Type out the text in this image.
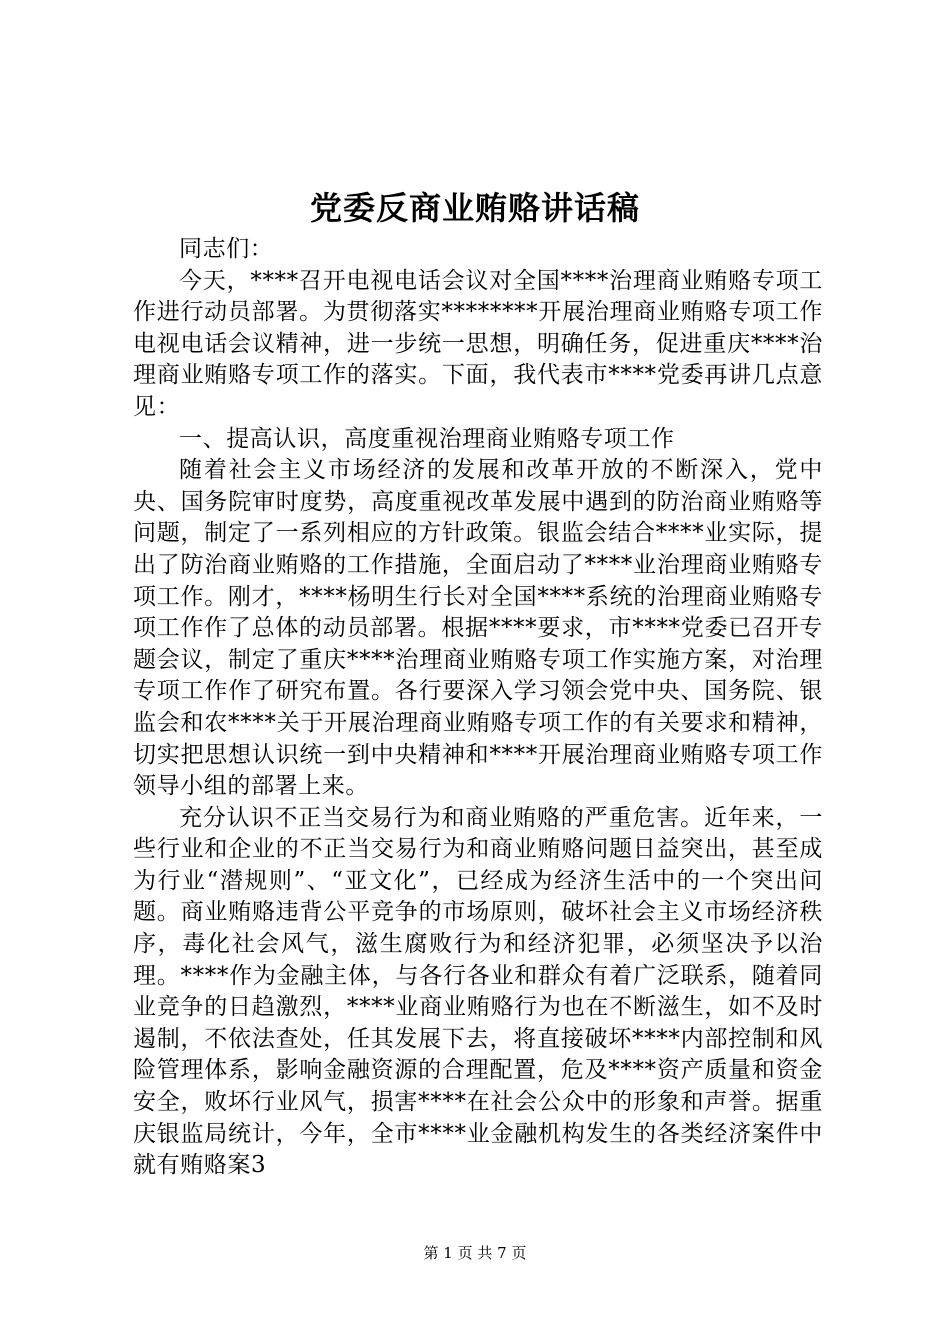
党委反商业贿赂讲话稿

同志们：

今天，****召开电视电话会议对全国****治理商业贿赂专项工作进行动员部署。为贯彻落实********开展治理商业贿赂专项工作电视电话会议精神，进一步统一思想，明确任务，促进重庆****治理商业贿赂专项工作的落实。下面，我代表市****党委再讲几点意见：

一、提高认识，高度重视治理商业贿赂专项工作

随着社会主义市场经济的发展和改革开放的不断深入，党中央、国务院审时度势，高度重视改革发展中遇到的防治商业贿赂等问题，制定了一系列相应的方针政策。银监会结合****业实际，提出了防治商业贿赂的工作措施，全面启动了****业治理商业贿赂专项工作。刚才，****杨明生行长对全国****系统的治理商业贿赂专项工作作了总体的动员部署。根据****要求，市****党委已召开专题会议，制定了重庆****治理商业贿赂专项工作实施方案，对治理专项工作作了研究布置。各行要深入学习领会党中央、国务院、银监会和农****关于开展治理商业贿赂专项工作的有关要求和精神，切实把思想认识统一到中央精神和****开展治理商业贿赂专项工作领导小组的部署上来。

充分认识不正当交易行为和商业贿赂的严重危害。近年来，一些行业和企业的不正当交易行为和商业贿赂问题日益突出，甚至成为行业“潜规则”、“亚文化”，已经成为经济生活中的一个突出问题。商业贿赂违背公平竞争的市场原则，破坏社会主义市场经济秩序，毒化社会风气，滋生腐败行为和经济犯罪，必须坚决予以治理。****作为金融主体，与各行各业和群众有着广泛联系，随着同业竞争的日趋激烈，****业商业贿赂行为也在不断滋生，如不及时遏制，不依法查处，任其发展下去，将直接破坏****内部控制和风险管理体系，影响金融资源的合理配置，危及****资产质量和资金安全，败坏行业风气，损害****在社会公众中的形象和声誉。据重庆银监局统计，今年，全市****业金融机构发生的各类经济案件中就有贿赂案3

第 1 页 共 7 页
